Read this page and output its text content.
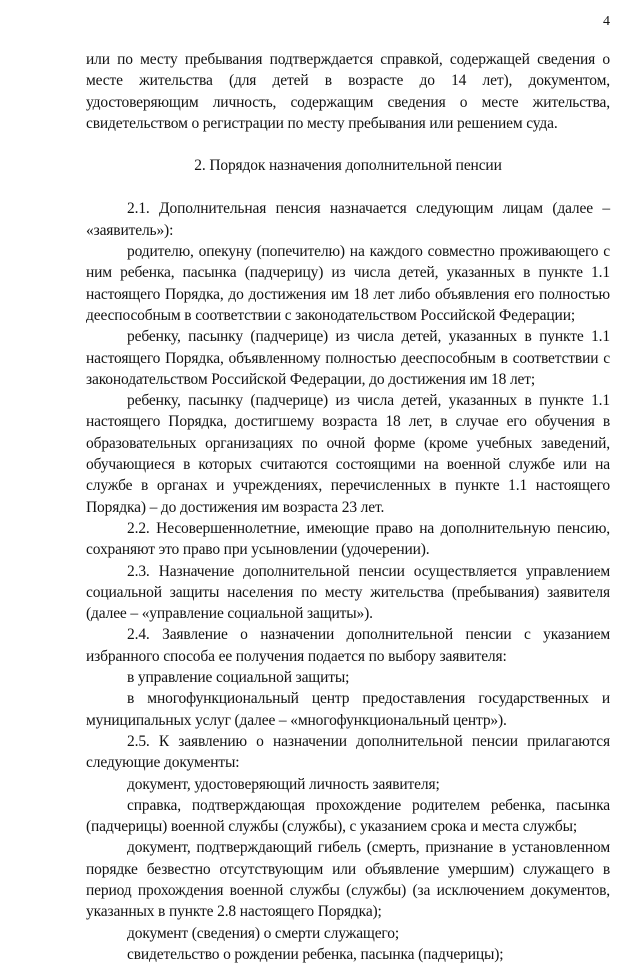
4

или по месту пребывания подтверждается справкой, содержащей сведения о месте жительства (для детей в возрасте до 14 лет), документом, удостоверяющим личность, содержащим сведения о месте жительства, свидетельством о регистрации по месту пребывания или решением суда.

2. Порядок назначения дополнительной пенсии

2.1. Дополнительная пенсия назначается следующим лицам (далее – «заявитель»):

родителю, опекуну (попечителю) на каждого совместно проживающего с ним ребенка, пасынка (падчерицу) из числа детей, указанных в пункте 1.1 настоящего Порядка, до достижения им 18 лет либо объявления его полностью дееспособным в соответствии с законодательством Российской Федерации;

ребенку, пасынку (падчерице) из числа детей, указанных в пункте 1.1 настоящего Порядка, объявленному полностью дееспособным в соответствии с законодательством Российской Федерации, до достижения им 18 лет;

ребенку, пасынку (падчерице) из числа детей, указанных в пункте 1.1 настоящего Порядка, достигшему возраста 18 лет, в случае его обучения в образовательных организациях по очной форме (кроме учебных заведений, обучающиеся в которых считаются состоящими на военной службе или на службе в органах и учреждениях, перечисленных в пункте 1.1 настоящего Порядка) – до достижения им возраста 23 лет.

2.2. Несовершеннолетние, имеющие право на дополнительную пенсию, сохраняют это право при усыновлении (удочерении).

2.3. Назначение дополнительной пенсии осуществляется управлением социальной защиты населения по месту жительства (пребывания) заявителя (далее – «управление социальной защиты»).

2.4. Заявление о назначении дополнительной пенсии с указанием избранного способа ее получения подается по выбору заявителя:

в управление социальной защиты;

в многофункциональный центр предоставления государственных и муниципальных услуг (далее – «многофункциональный центр»).

2.5. К заявлению о назначении дополнительной пенсии прилагаются следующие документы:

документ, удостоверяющий личность заявителя;

справка, подтверждающая прохождение родителем ребенка, пасынка (падчерицы) военной службы (службы), с указанием срока и места службы;

документ, подтверждающий гибель (смерть, признание в установленном порядке безвестно отсутствующим или объявление умершим) служащего в период прохождения военной службы (службы) (за исключением документов, указанных в пункте 2.8 настоящего Порядка);

документ (сведения) о смерти служащего;

свидетельство о рождении ребенка, пасынка (падчерицы);
